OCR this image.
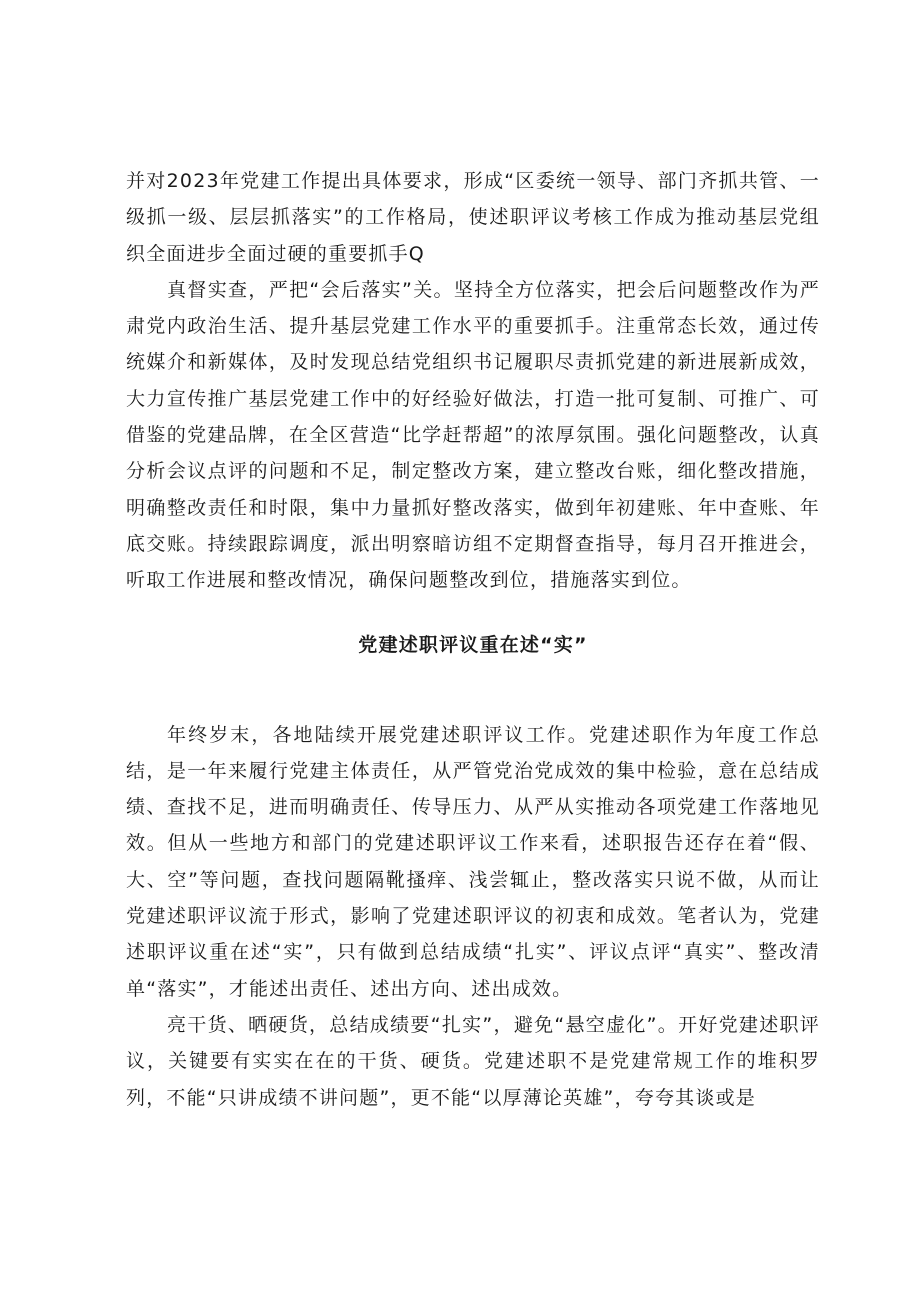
并对2023年党建工作提出具体要求，形成“区委统一领导、部门齐抓共管、一级抓一级、层层抓落实”的工作格局，使述职评议考核工作成为推动基层党组织全面进步全面过硬的重要抓手Q

真督实查，严把“会后落实”关。坚持全方位落实，把会后问题整改作为严肃党内政治生活、提升基层党建工作水平的重要抓手。注重常态长效，通过传统媒介和新媒体，及时发现总结党组织书记履职尽责抓党建的新进展新成效，大力宣传推广基层党建工作中的好经验好做法，打造一批可复制、可推广、可借鉴的党建品牌，在全区营造“比学赶帮超”的浓厚氛围。强化问题整改，认真分析会议点评的问题和不足，制定整改方案，建立整改台账，细化整改措施，明确整改责任和时限，集中力量抓好整改落实，做到年初建账、年中查账、年底交账。持续跟踪调度，派出明察暗访组不定期督查指导，每月召开推进会，听取工作进展和整改情况，确保问题整改到位，措施落实到位。

党建述职评议重在述“实”

年终岁末，各地陆续开展党建述职评议工作。党建述职作为年度工作总结，是一年来履行党建主体责任，从严管党治党成效的集中检验，意在总结成绩、查找不足，进而明确责任、传导压力、从严从实推动各项党建工作落地见效。但从一些地方和部门的党建述职评议工作来看，述职报告还存在着“假、大、空”等问题，查找问题隔靴搔痒、浅尝辄止，整改落实只说不做，从而让党建述职评议流于形式，影响了党建述职评议的初衷和成效。笔者认为，党建述职评议重在述“实”，只有做到总结成绩“扎实”、评议点评“真实”、整改清单“落实”，才能述出责任、述出方向、述出成效。

亮干货、晒硬货，总结成绩要“扎实”，避免“悬空虚化”。开好党建述职评议，关键要有实实在在的干货、硬货。党建述职不是党建常规工作的堆积罗列，不能“只讲成绩不讲问题”，更不能“以厚薄论英雄”，夸夸其谈或是
